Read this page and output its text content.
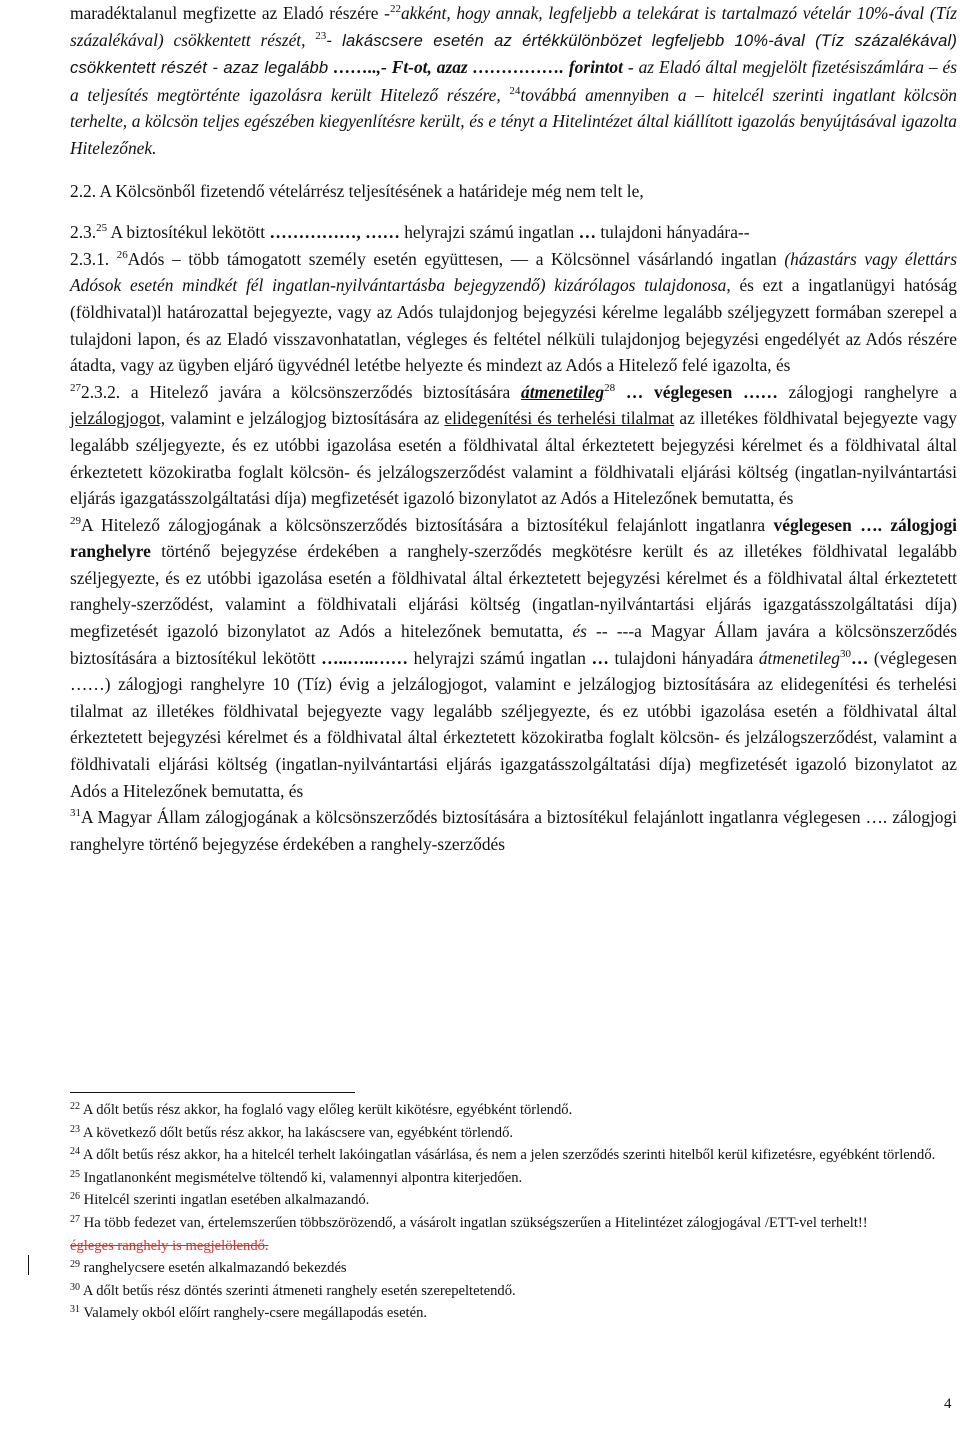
maradéktalanul megfizette az Eladó részére -$^{22}$akként, hogy annak, legfeljebb a telekárat is tartalmazó vételár 10%-ával (Tíz százalékával) csökkentett részét, $^{23}$- lakáscsere esetén az értékkülönbözet legfeljebb 10%-ával (Tíz százalékával) csökkentett részét - azaz legalább ……..,- Ft-ot, azaz ……………. forintot - az Eladó által megjelölt fizetésiszámlára – és a teljesítés megtörténte igazolásra került Hitelező részére, $^{24}$továbbá amennyiben a – hitelcél szerinti ingatlant kölcsön terhelte, a kölcsön teljes egészében kiegyenlítésre került, és e tényt a Hitelintézet által kiállított igazolás benyújtásával igazolta Hitelezőnek.

2.2. A Kölcsönből fizetendő vételárrész teljesítésének a határideje még nem telt le,

2.3.25 A biztosítékul lekötött ……………, …… helyrajzi számú ingatlan … tulajdoni hányadára--

2.3.1. $^{26}$Adós – több támogatott személy esetén együttesen, –– a Kölcsönnel vásárlandó ingatlan (házastárs vagy élettárs Adósok esetén mindkét fél ingatlan-nyilvántartásba bejegyzendő) kizárólagos tulajdonosa, és ezt a ingatlanügyi hatóság (földhivatal)l határozattal bejegyezte, vagy az Adós tulajdonjog bejegyzési kérelme legalább széljegyzett formában szerepel a tulajdoni lapon, és az Eladó visszavonhatatlan, végleges és feltétel nélküli tulajdonjog bejegyzési engedélyét az Adós részére átadta, vagy az ügyben eljáró ügyvédnél letétbe helyezte és mindezt az Adós a Hitelező felé igazolta, és

$^{27}$2.3.2. a Hitelező javára a kölcsönszerződés biztosítására átmenetileg$^{28}$ … véglegesen …… zálogjogi ranghelyre a jelzálogjogot, valamint e jelzálogjog biztosítására az elidegenítési és terhelési tilalmat az illetékes földhivatal bejegyezte vagy legalább széljegyezte, és ez utóbbi igazolása esetén a földhivatal által érkeztetett bejegyzési kérelmet és a földhivatal által érkeztetett közokiratba foglalt kölcsön- és jelzálogszerződést valamint a földhivatali eljárási költség (ingatlan-nyilvántartási eljárás igazgatásszolgáltatási díja) megfizetését igazoló bizonylatot az Adós a Hitelezőnek bemutatta, és

$^{29}$A Hitelező zálogjogának a kölcsönszerződés biztosítására a biztosítékul felajánlott ingatlanra véglegesen …. zálogjogi ranghelyre történő bejegyzése érdekében a ranghely-szerződés megkötésre került és az illetékes földhivatal legalább széljegyezte, és ez utóbbi igazolása esetén a földhivatal által érkeztetett bejegyzési kérelmet és a földhivatal által érkeztetett ranghely-szerződést, valamint a földhivatali eljárási költség (ingatlan-nyilvántartási eljárás igazgatásszolgáltatási díja) megfizetését igazoló bizonylatot az Adós a hitelezőnek bemutatta, és -- ---a Magyar Állam javára a kölcsönszerződés biztosítására a biztosítékul lekötött …..…..…… helyrajzi számú ingatlan … tulajdoni hányadára átmenetileg$^{30}$… (véglegesen ……) zálogjogi ranghelyre 10 (Tíz) évig a jelzálogjogot, valamint e jelzálogjog biztosítására az elidegenítési és terhelési tilalmat az illetékes földhivatal bejegyezte vagy legalább széljegyezte, és ez utóbbi igazolása esetén a földhivatal által érkeztetett bejegyzési kérelmet és a földhivatal által érkeztetett közokiratba foglalt kölcsön- és jelzálogszerződést, valamint a földhivatali eljárási költség (ingatlan-nyilvántartási eljárás igazgatásszolgáltatási díja) megfizetését igazoló bizonylatot az Adós a Hitelezőnek bemutatta, és

$^{31}$A Magyar Állam zálogjogának a kölcsönszerződés biztosítására a biztosítékul felajánlott ingatlanra véglegesen …. zálogjogi ranghelyre történő bejegyzése érdekében a ranghely-szerződés

$^{22}$ A dőlt betűs rész akkor, ha foglaló vagy előleg került kikötésre, egyébként törlendő.

$^{23}$ A következő dőlt betűs rész akkor, ha lakáscsere van, egyébként törlendő.

$^{24}$ A dőlt betűs rész akkor, ha a hitelcél terhelt lakóingatlan vásárlása, és nem a jelen szerződés szerinti hitelből kerül kifizetésre, egyébként törlendő.

$^{25}$ Ingatlanonként megismételve töltendő ki, valamennyi alpontra kiterjedően.

$^{26}$ Hitelcél szerinti ingatlan esetében alkalmazandó.

$^{27}$ Ha több fedezet van, értelemszerűen többszörözendő, a vásárolt ingatlan szükségszerűen a Hitelintézet zálogjogával /ETT-vel terhelt!!

égleges ranghely is megjelölendő.

$^{29}$ ranghelycsere esetén alkalmazandó bekezdés

$^{30}$ A dőlt betűs rész döntés szerinti átmeneti ranghely esetén szerepeltetendő.

$^{31}$ Valamely okból előírt ranghely-csere megállapodás esetén.

4
